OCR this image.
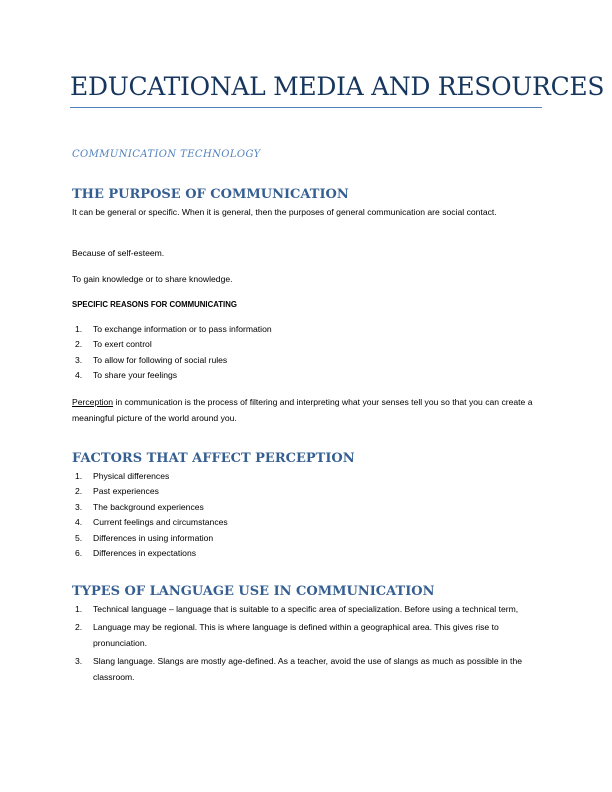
EDUCATIONAL MEDIA AND RESOURCES
COMMUNICATION TECHNOLOGY
THE PURPOSE OF COMMUNICATION
It can be general or specific. When it is general, then the purposes of general communication are social contact.
Because of self-esteem.
To gain knowledge or to share knowledge.
SPECIFIC REASONS FOR COMMUNICATING
1. To exchange information or to pass information
2. To exert control
3. To allow for following of social rules
4. To share your feelings
Perception in communication is the process of filtering and interpreting what your senses tell you so that you can create a meaningful picture of the world around you.
FACTORS THAT AFFECT PERCEPTION
1. Physical differences
2. Past experiences
3. The background experiences
4. Current feelings and circumstances
5. Differences in using information
6. Differences in expectations
TYPES OF LANGUAGE USE IN COMMUNICATION
1. Technical language – language that is suitable to a specific area of specialization. Before using a technical term,
2. Language may be regional. This is where language is defined within a geographical area. This gives rise to pronunciation.
3. Slang language. Slangs are mostly age-defined. As a teacher, avoid the use of slangs as much as possible in the classroom.
